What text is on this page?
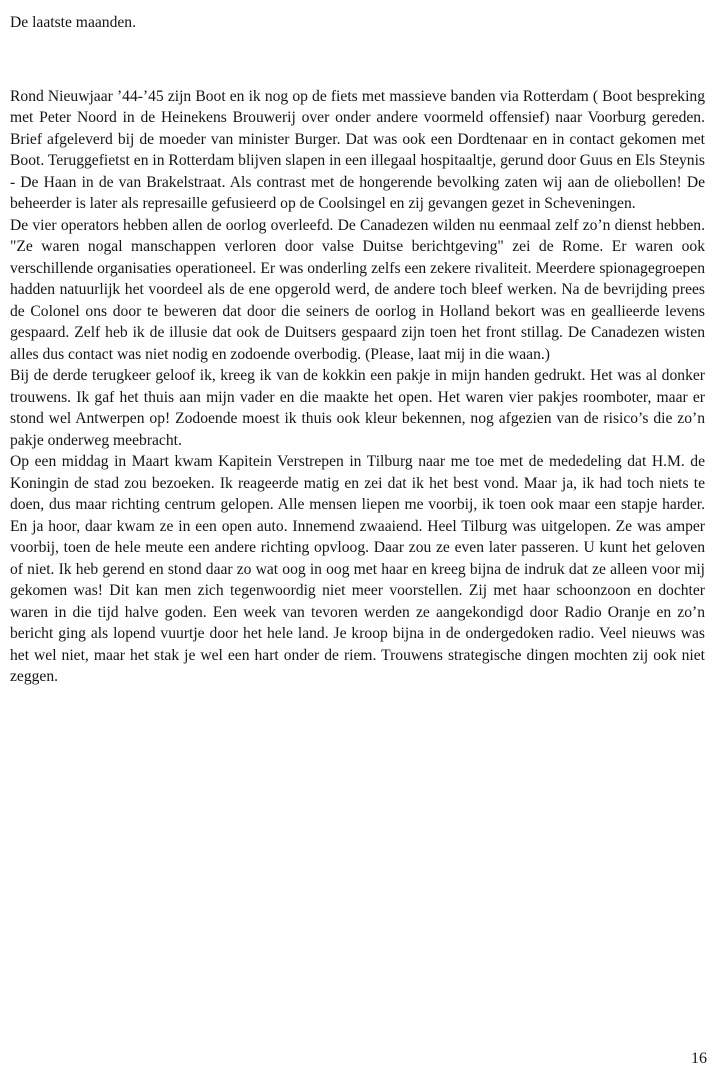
De laatste maanden.

Rond Nieuwjaar ’44-’45 zijn Boot en ik nog op de fiets met massieve banden via Rotterdam ( Boot bespreking met Peter Noord in de Heinekens Brouwerij over onder andere voormeld offensief) naar Voorburg gereden. Brief afgeleverd bij de moeder van minister Burger. Dat was ook een Dordtenaar en in contact gekomen met Boot. Teruggefietst en in Rotterdam blijven slapen in een illegaal hospitaaltje, gerund door Guus en Els Steynis - De Haan in de van Brakelstraat. Als contrast met de hongerende bevolking zaten wij aan de oliebollen! De beheerder is later als represaille gefusieerd op de Coolsingel en zij gevangen gezet in Scheveningen.

De vier operators hebben allen de oorlog overleefd. De Canadezen wilden nu eenmaal zelf zo’n dienst hebben. "Ze waren nogal manschappen verloren door valse Duitse berichtgeving" zei de Rome. Er waren ook verschillende organisaties operationeel. Er was onderling zelfs een zekere rivaliteit. Meerdere spionagegroepen hadden natuurlijk het voordeel als de ene opgerold werd, de andere toch bleef werken. Na de bevrijding prees de Colonel ons door te beweren dat door die seiners de oorlog in Holland bekort was en geallieerde levens gespaard. Zelf heb ik de illusie dat ook de Duitsers gespaard zijn toen het front stillag. De Canadezen wisten alles dus contact was niet nodig en zodoende overbodig. (Please, laat mij in die waan.)

Bij de derde terugkeer geloof ik, kreeg ik van de kokkin een pakje in mijn handen gedrukt. Het was al donker trouwens. Ik gaf het thuis aan mijn vader en die maakte het open. Het waren vier pakjes roomboter, maar er stond wel Antwerpen op! Zodoende moest ik thuis ook kleur bekennen, nog afgezien van de risico’s die zo’n pakje onderweg meebracht.

Op een middag in Maart kwam Kapitein Verstrepen in Tilburg naar me toe met de mededeling dat H.M. de Koningin de stad zou bezoeken. Ik reageerde matig en zei dat ik het best vond. Maar ja, ik had toch niets te doen, dus maar richting centrum gelopen. Alle mensen liepen me voorbij, ik toen ook maar een stapje harder. En ja hoor, daar kwam ze in een open auto. Innemend zwaaiend. Heel Tilburg was uitgelopen. Ze was amper voorbij, toen de hele meute een andere richting opvloog. Daar zou ze even later passeren. U kunt het geloven of niet. Ik heb gerend en stond daar zo wat oog in oog met haar en kreeg bijna de indruk dat ze alleen voor mij gekomen was! Dit kan men zich tegenwoordig niet meer voorstellen. Zij met haar schoonzoon en dochter waren in die tijd halve goden. Een week van tevoren werden ze aangekondigd door Radio Oranje en zo’n bericht ging als lopend vuurtje door het hele land. Je kroop bijna in de ondergedoken radio. Veel nieuws was het wel niet, maar het stak je wel een hart onder de riem. Trouwens strategische dingen mochten zij ook niet zeggen.

16
